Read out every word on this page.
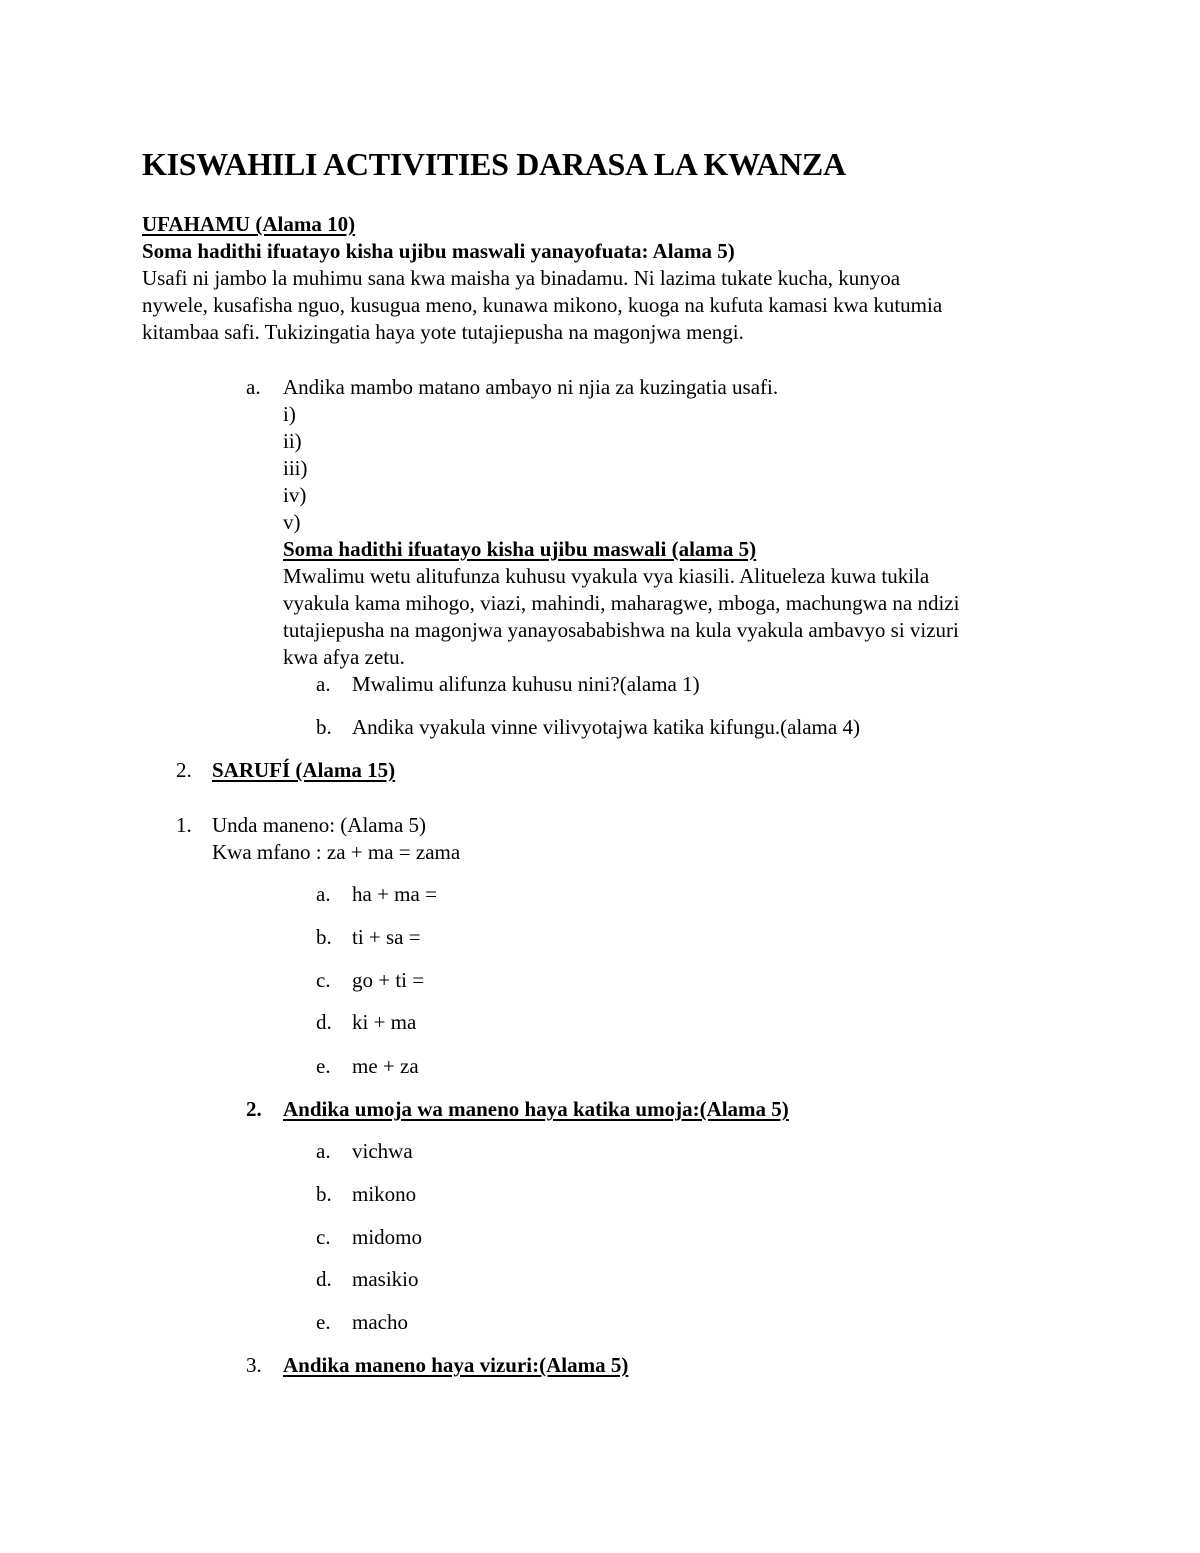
KISWAHILI ACTIVITIES DARASA LA KWANZA
UFAHAMU (Alama 10)
Soma hadithi ifuatayo kisha ujibu maswali yanayofuata: Alama 5)
Usafi ni jambo la muhimu sana kwa maisha ya binadamu. Ni lazima tukate kucha, kunyoa
nywele, kusafisha nguo, kusugua meno, kunawa mikono, kuoga na kufuta kamasi kwa kutumia
kitambaa safi. Tukizingatia haya yote tutajiepusha na magonjwa mengi.
a. Andika mambo matano ambayo ni njia za kuzingatia usafi.
i)
ii)
iii)
iv)
v)
Soma hadithi ifuatayo kisha ujibu maswali (alama 5)
Mwalimu wetu alitufunza kuhusu vyakula vya kiasili. Alitueleza kuwa tukila
vyakula kama mihogo, viazi, mahindi, maharagwe, mboga, machungwa na ndizi
tutajiepusha na magonjwa yanayosababishwa na kula vyakula ambavyo si vizuri
kwa afya zetu.
a. Mwalimu alifunza kuhusu nini?(alama 1)
b. Andika vyakula vinne vilivyotajwa katika kifungu.(alama 4)
2. SARUFÍ (Alama 15)
1. Unda maneno: (Alama 5)
Kwa mfano : za + ma = zama
a. ha + ma =
b. ti + sa =
c. go + ti =
d. ki + ma
e. me + za
2. Andika umoja wa maneno haya katika umoja:(Alama 5)
a. vichwa
b. mikono
c. midomo
d. masikio
e. macho
3. Andika maneno haya vizuri:(Alama 5)
